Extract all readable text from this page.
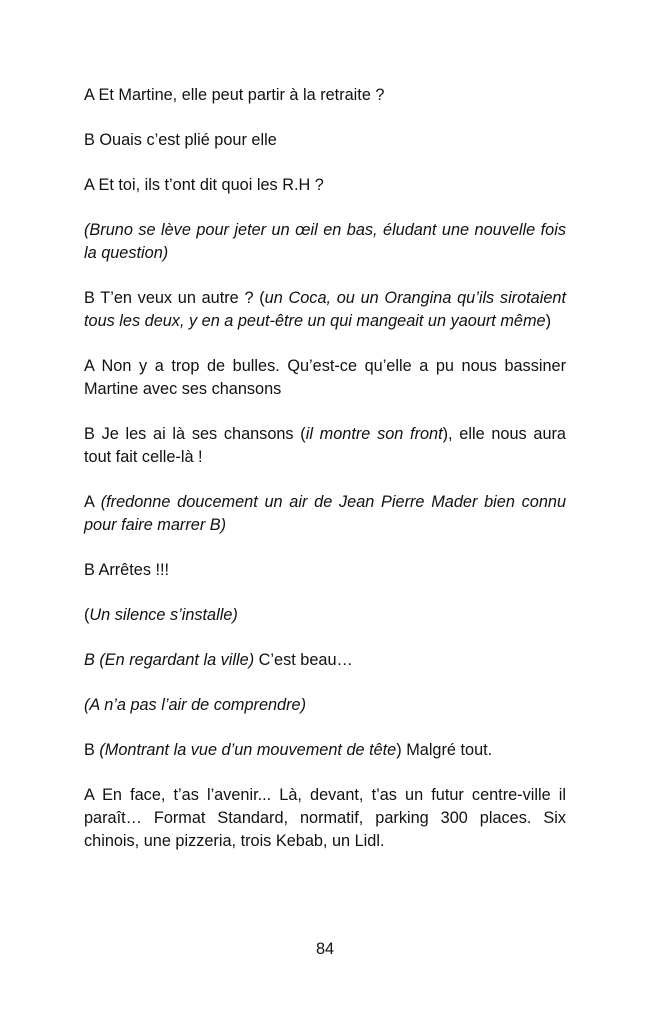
A Et Martine, elle peut partir à la retraite ?

B Ouais c’est plié pour elle

A Et toi, ils t’ont dit quoi les R.H ?

(Bruno se lève pour jeter un œil en bas, éludant une nouvelle fois la question)

B T’en veux un autre ? (un Coca, ou un Orangina qu’ils sirotaient tous les deux, y en a peut-être un qui mangeait un yaourt même)

A Non y a trop de bulles. Qu’est-ce qu’elle a pu nous bassiner Martine avec ses chansons

B Je les ai là ses chansons (il montre son front), elle nous aura tout fait celle-là !

A (fredonne doucement un air de Jean Pierre Mader bien connu pour faire marrer B)

B Arrêtes !!!

(Un silence s’installe)

B (En regardant la ville) C’est beau…

(A n’a pas l’air de comprendre)

B (Montrant la vue d’un mouvement de tête) Malgré tout.

A En face, t’as l’avenir... Là, devant, t’as un futur centre-ville il paraît… Format Standard, normatif, parking 300 places. Six chinois, une pizzeria, trois Kebab, un Lidl.

84
